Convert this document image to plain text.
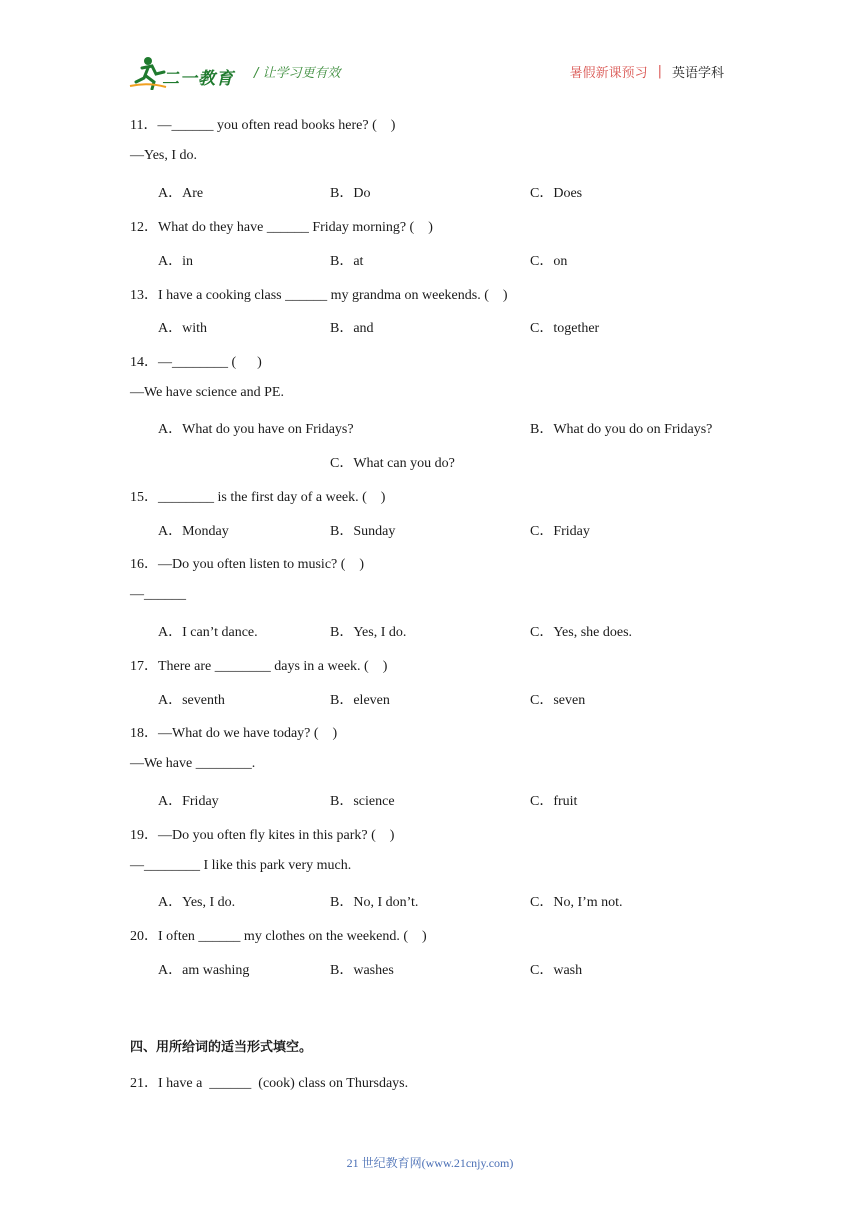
二一教育 / 让学习更有效	暑假新课预习 | 英语学科
11．—______ you often read books here? (    )
—Yes, I do.
A．Are	B．Do	C．Does
12．What do they have ______ Friday morning? (    )
A．in	B．at	C．on
13．I have a cooking class ______ my grandma on weekends. (    )
A．with	B．and	C．together
14．—________ (      )
—We have science and PE.
A．What do you have on Fridays?	B．What do you do on Fridays?
C．What can you do?
15．________ is the first day of a week. (    )
A．Monday	B．Sunday	C．Friday
16．—Do you often listen to music? (    )
—______
A．I can’t dance.	B．Yes, I do.	C．Yes, she does.
17．There are ________ days in a week. (    )
A．seventh	B．eleven	C．seven
18．—What do we have today? (    )
—We have ________.
A．Friday	B．science	C．fruit
19．—Do you often fly kites in this park? (    )
—________ I like this park very much.
A．Yes, I do.	B．No, I don’t.	C．No, I’m not.
20．I often ______ my clothes on the weekend. (    )
A．am washing	B．washes	C．wash
四、用所给词的适当形式填空。
21．I have a  ______  (cook) class on Thursdays.
21 世纪教育网(www.21cnjy.com)
